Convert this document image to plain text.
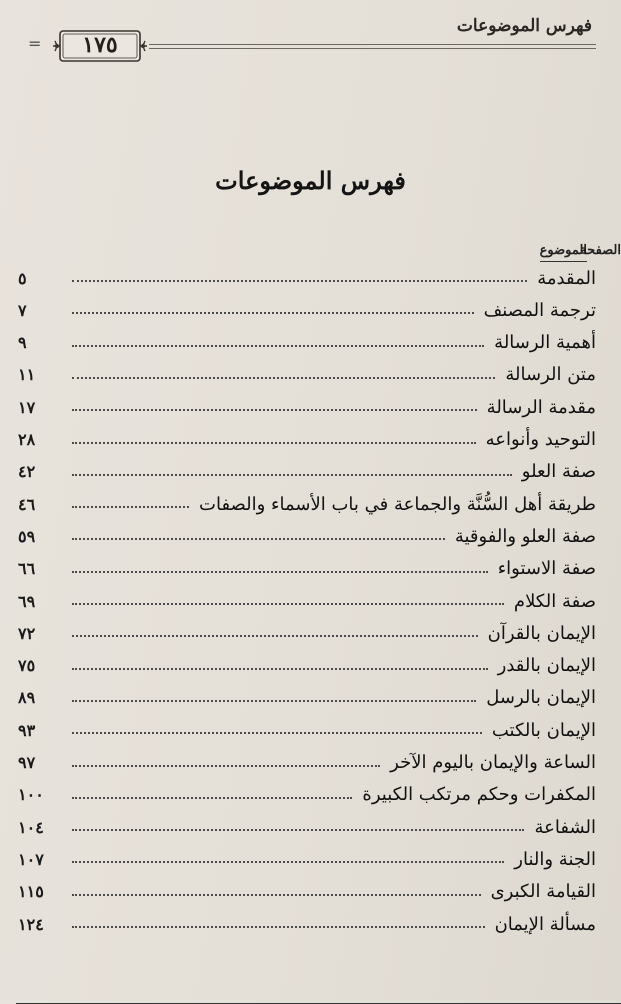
فهرس الموضوعات
=	١٧٥
فهرس الموضوعات
الموضوع
الصفحة
المقدمة
٥
ترجمة المصنف
٧
أهمية الرسالة
٩
متن الرسالة
١١
مقدمة الرسالة
١٧
التوحيد وأنواعه
٢٨
صفة العلو
٤٢
طريقة أهل السُّنَّة والجماعة في باب الأسماء والصفات
٤٦
صفة العلو والفوقية
٥٩
صفة الاستواء
٦٦
صفة الكلام
٦٩
الإيمان بالقرآن
٧٢
الإيمان بالقدر
٧٥
الإيمان بالرسل
٨٩
الإيمان بالكتب
٩٣
الساعة والإيمان باليوم الآخر
٩٧
المكفرات وحكم مرتكب الكبيرة
١٠٠
الشفاعة
١٠٤
الجنة والنار
١٠٧
القيامة الكبرى
١١٥
مسألة الإيمان
١٢٤
